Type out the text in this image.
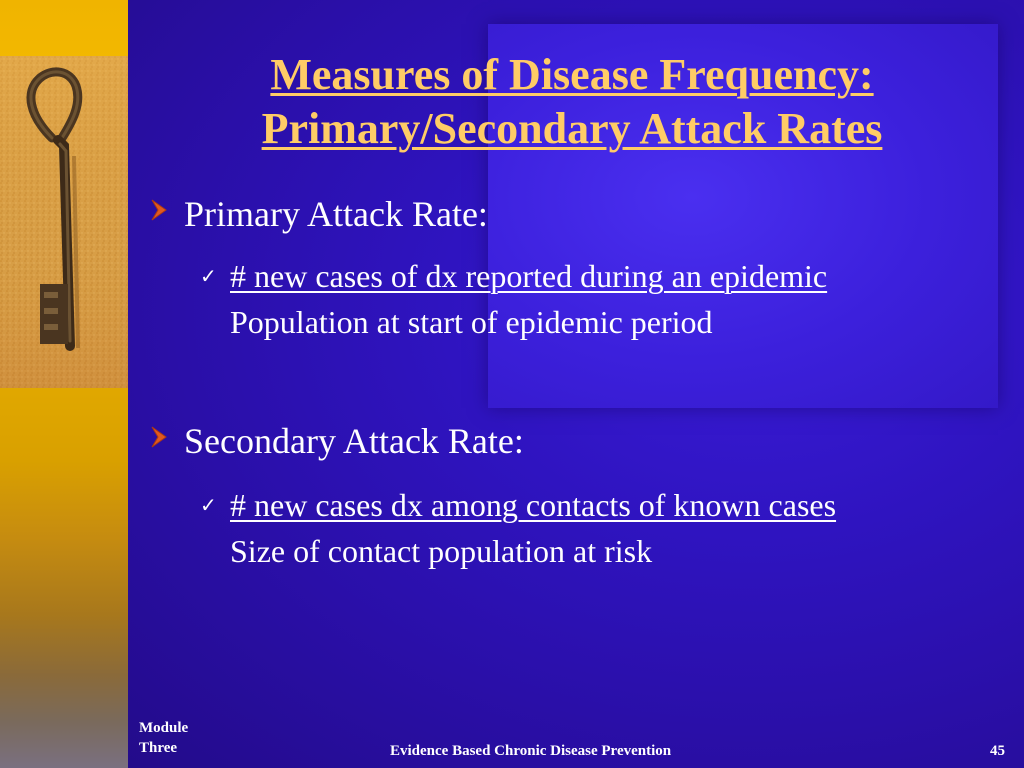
Measures of Disease Frequency:
Primary/Secondary Attack Rates
Primary Attack Rate:
✓ # new cases of dx reported during an epidemic
Population at start of epidemic period
Secondary Attack Rate:
✓ # new cases dx among contacts of known cases
Size of contact population at risk
Module
Three	Evidence Based Chronic Disease Prevention	45
